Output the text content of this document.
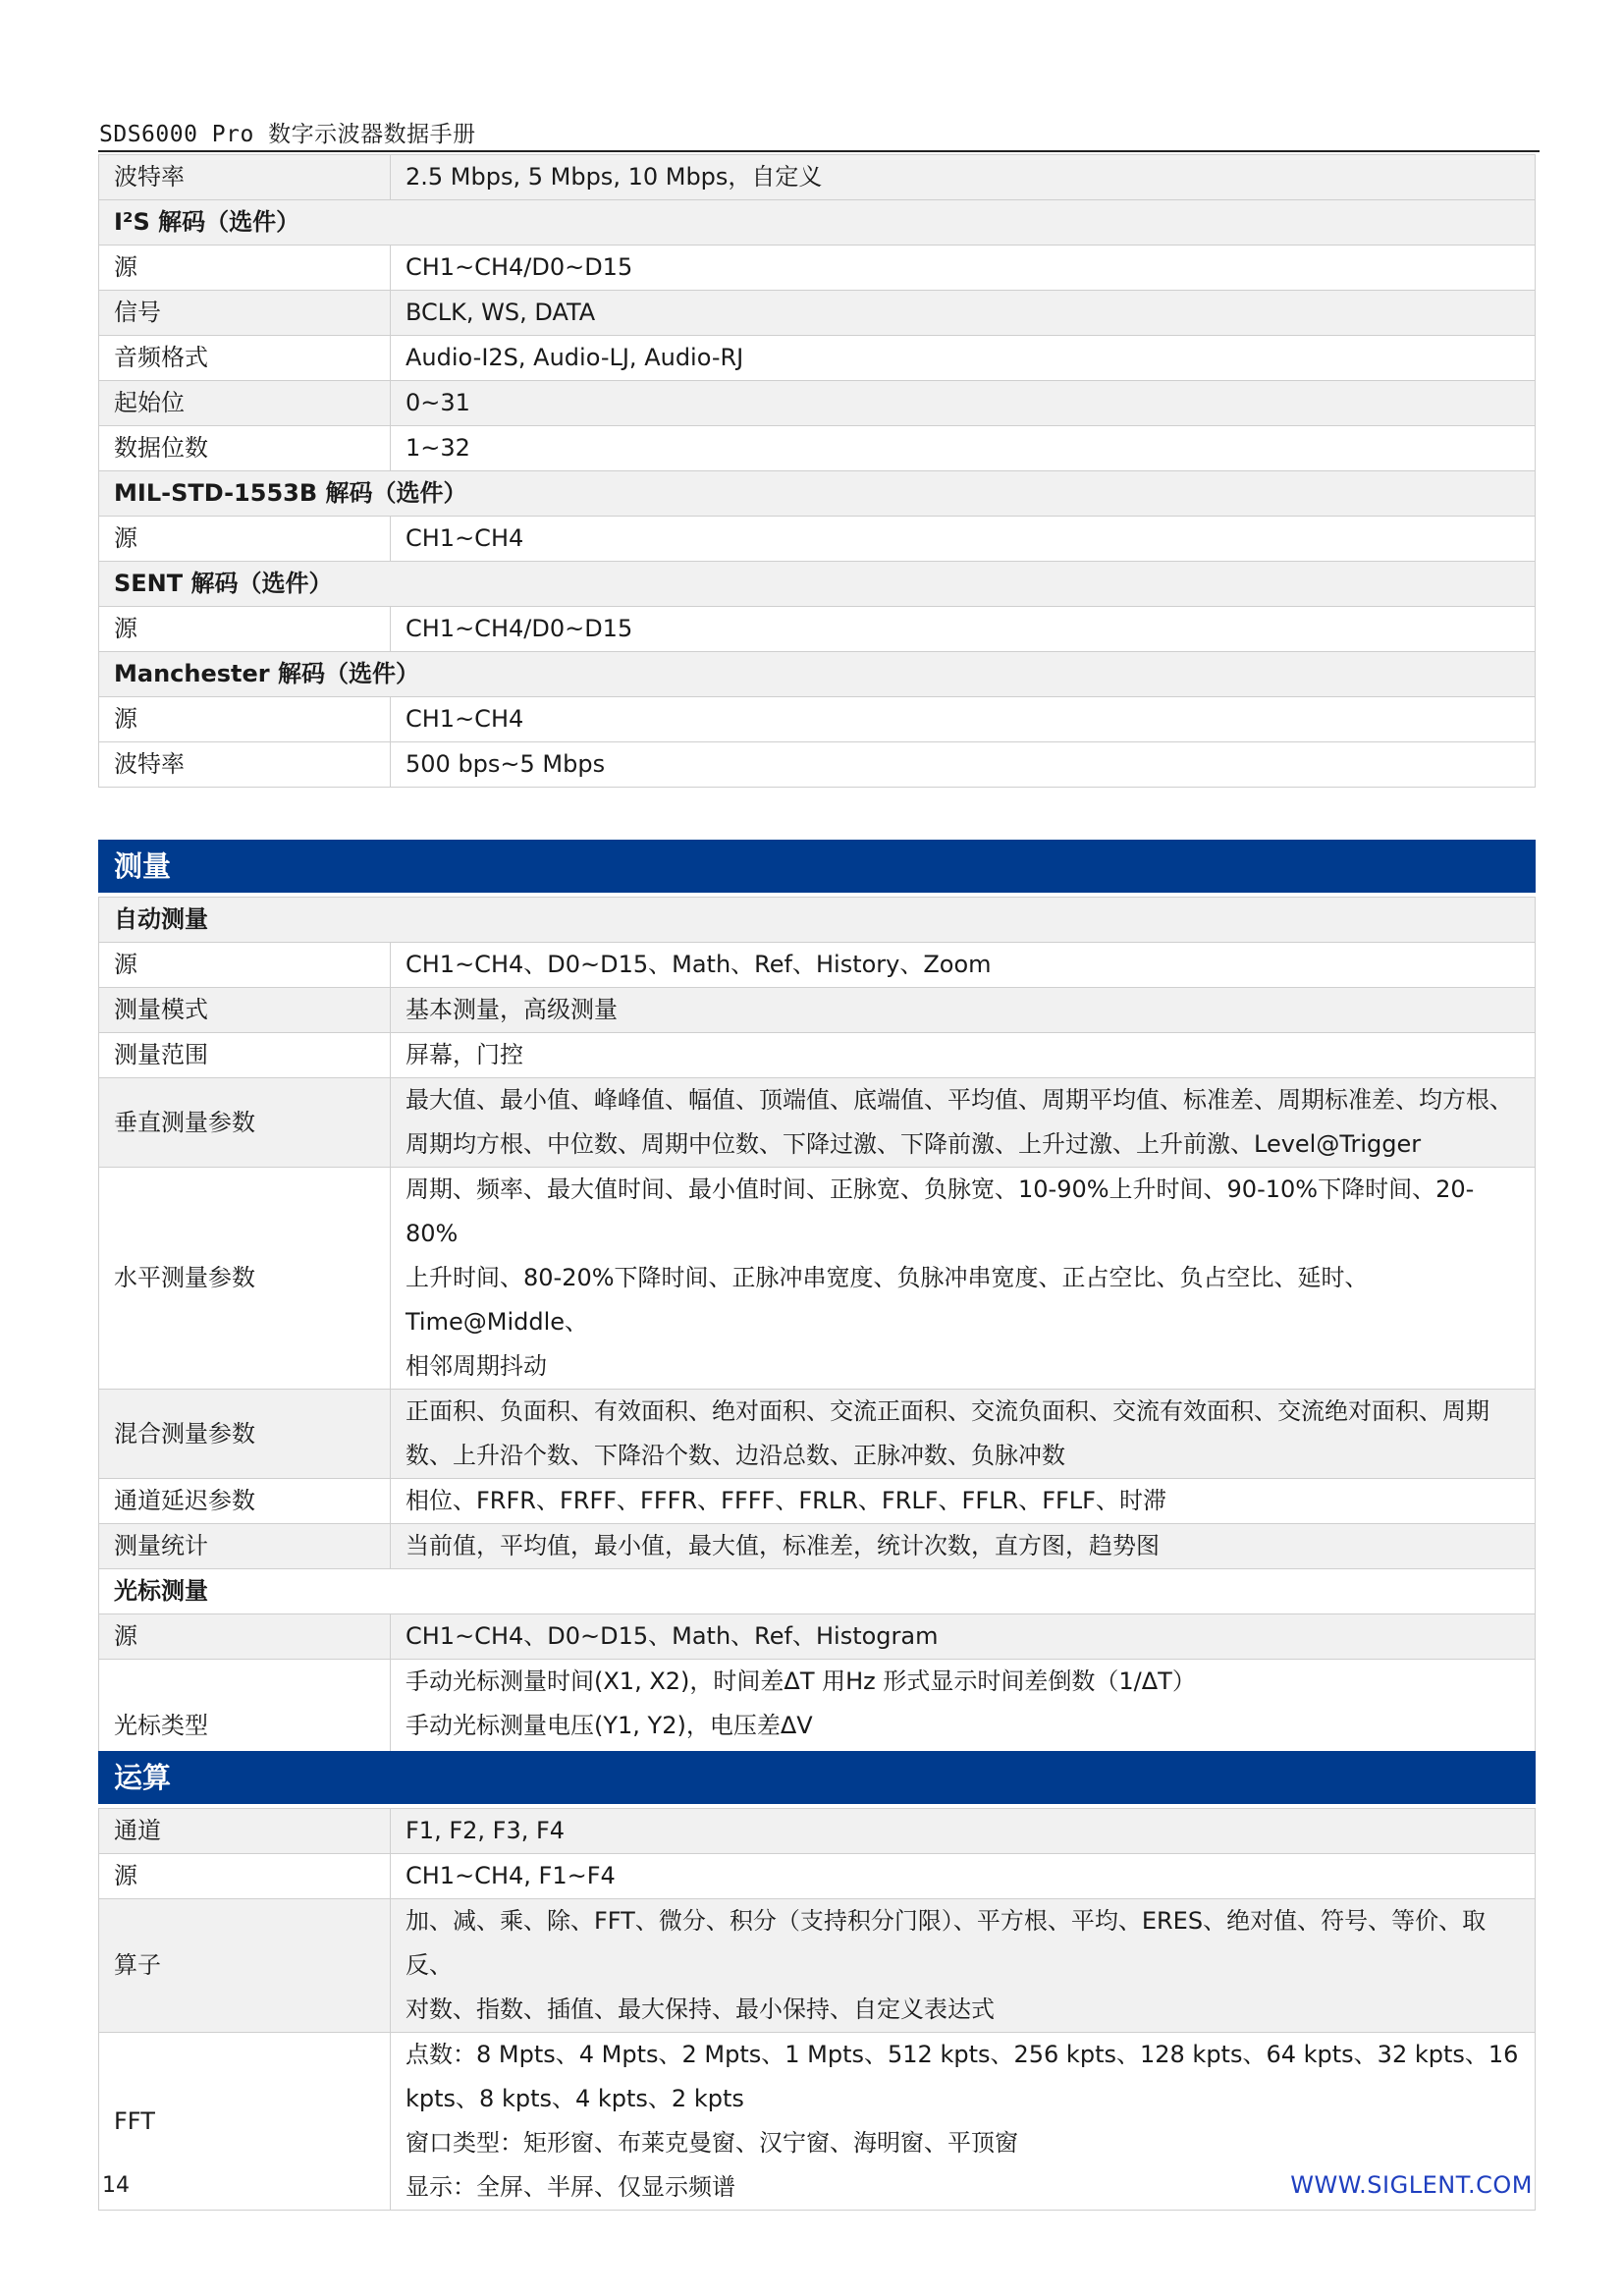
SDS6000 Pro 数字示波器数据手册
波特率	2.5 Mbps, 5 Mbps, 10 Mbps，自定义
I²S 解码（选件）	
源	CH1~CH4/D0~D15
信号	BCLK, WS, DATA
音频格式	Audio-I2S, Audio-LJ, Audio-RJ
起始位	0~31
数据位数	1~32
MIL-STD-1553B 解码（选件）	
源	CH1~CH4
SENT 解码（选件）	
源	CH1~CH4/D0~D15
Manchester 解码（选件）	
源	CH1~CH4
波特率	500 bps~5 Mbps
测量	

自动测量	
源	CH1~CH4、D0~D15、Math、Ref、History、Zoom
测量模式	基本测量，高级测量
测量范围	屏幕，门控
垂直测量参数	最大值、最小值、峰峰值、幅值、顶端值、底端值、平均值、周期平均值、标准差、周期标准差、均方根、
周期均方根、中位数、周期中位数、下降过激、下降前激、上升过激、上升前激、Level@Trigger

水平测量参数	周期、频率、最大值时间、最小值时间、正脉宽、负脉宽、10-90%上升时间、90-10%下降时间、20-80%
上升时间、80-20%下降时间、正脉冲串宽度、负脉冲串宽度、正占空比、负占空比、延时、Time@Middle、
相邻周期抖动

混合测量参数	正面积、负面积、有效面积、绝对面积、交流正面积、交流负面积、交流有效面积、交流绝对面积、周期
数、上升沿个数、下降沿个数、边沿总数、正脉冲数、负脉冲数

通道延迟参数	相位、FRFR、FRFF、FFFR、FFFF、FRLR、FRLF、FFLR、FFLF、时滞
测量统计	当前值，平均值，最小值，最大值，标准差，统计次数，直方图，趋势图
光标测量	
源	CH1~CH4、D0~D15、Math、Ref、Histogram
光标类型	手动光标测量时间(X1, X2)，时间差ΔT 用Hz 形式显示时间差倒数（1/ΔT）
手动光标测量电压(Y1, Y2)，电压差ΔV
运算	

通道	F1, F2, F3, F4
源	CH1~CH4, F1~F4
算子	加、减、乘、除、FFT、微分、积分（支持积分门限）、平方根、平均、ERES、绝对值、符号、等价、取反、
对数、指数、插值、最大保持、最小保持、自定义表达式

FFT	点数：8 Mpts、4 Mpts、2 Mpts、1 Mpts、512 kpts、256 kpts、128 kpts、64 kpts、32 kpts、16
kpts、8 kpts、4 kpts、2 kpts
窗口类型：矩形窗、布莱克曼窗、汉宁窗、海明窗、平顶窗
显示：全屏、半屏、仅显示频谱
14	WWW.SIGLENT.COM
